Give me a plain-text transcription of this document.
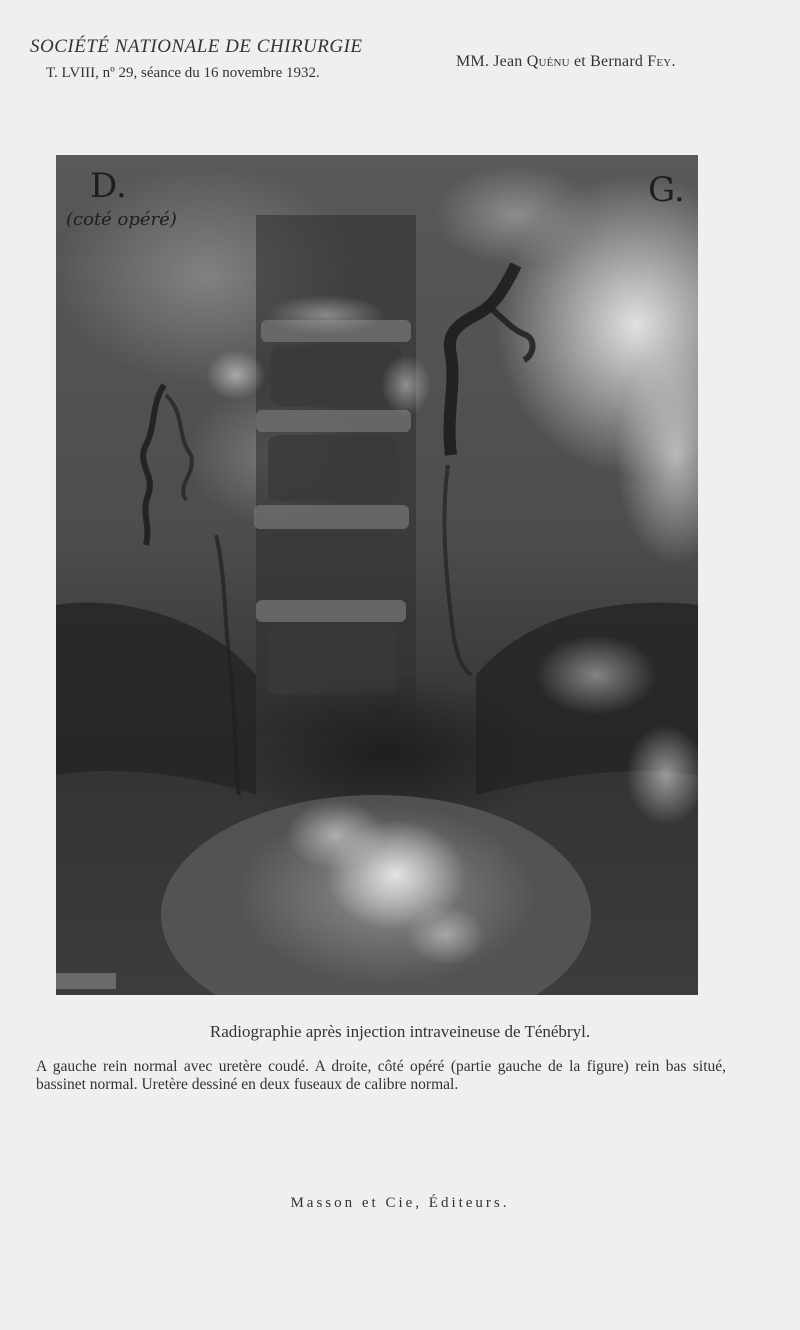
SOCIÉTÉ NATIONALE DE CHIRURGIE

T. LVIII, nº 29, séance du 16 novembre 1932.

MM. Jean Quénu et Bernard Fey.
D.
(coté opéré)
G.
Radiographie après injection intraveineuse de Ténébryl.
A gauche rein normal avec uretère coudé. A droite, côté opéré (partie gauche de la figure) rein bas situé, bassinet normal. Uretère dessiné en deux fuseaux de calibre normal.
Masson et Cie, Éditeurs.
